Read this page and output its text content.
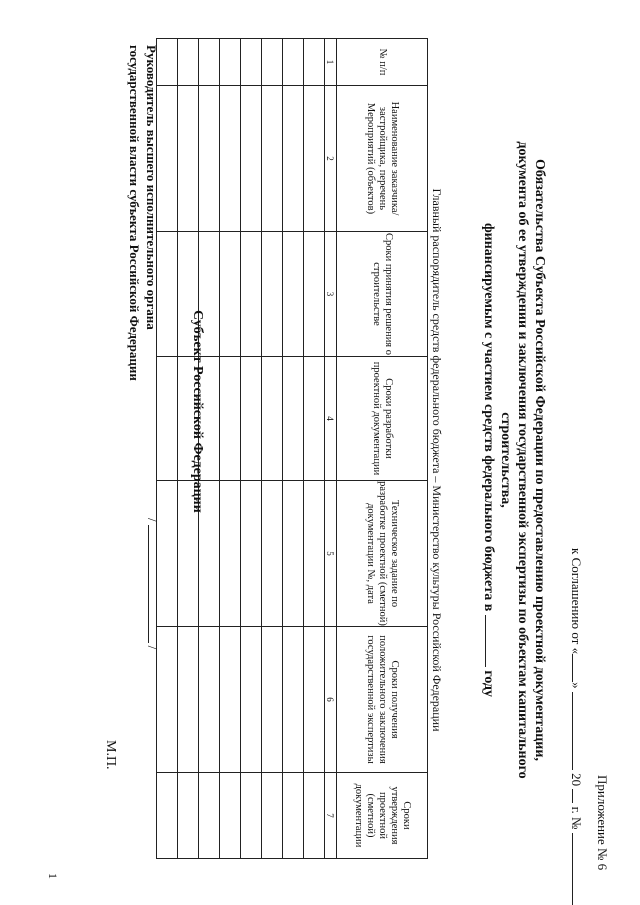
Приложение № 6
к Соглашению от «»  20  г. №
Обязательства Субъекта Российской Федерации по предоставлению проектной документации,
документа об ее утверждении и заключения государственной экспертизы по объектам капитального строительства,
финансируемым с участием средств федерального бюджета в  году
Главный распорядитель средств федерального бюджета – Министерство культуры Российской Федерации
№ п/п	Наименование заказчика/застройщика, перечень Мероприятий (объектов)	Сроки принятия решения о строительстве	Сроки разработки проектной документации	Техническое задание по разработке проектной (сметной) документации №, дата	Сроки получения положительного заключения государственной экспертизы	Сроки утверждения проектной (сметной) документации
1	2	3	4	5	6	7

Субъект Российской Федерации
Руководитель высшего исполнительного органа
государственной власти субъекта Российской Федерации
//
М.П.
1
